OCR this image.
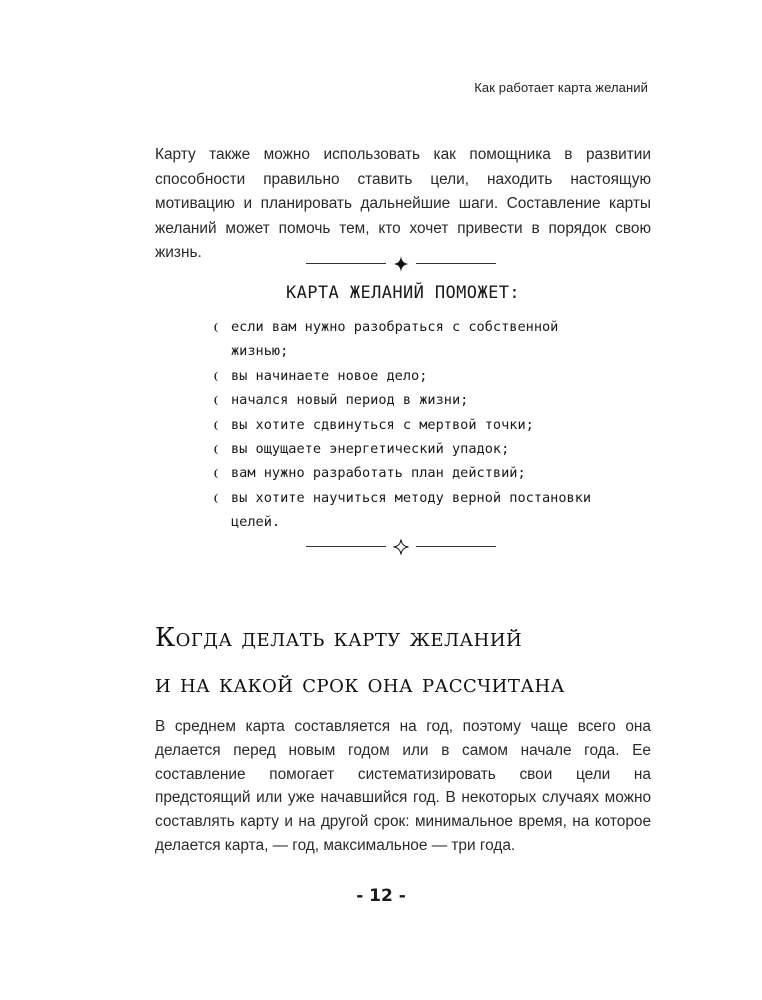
Как работает карта желаний

Карту также можно использовать как помощника в развитии способности правильно ставить цели, находить настоящую мотивацию и планировать дальнейшие шаги. Составление карты желаний может помочь тем, кто хочет привести в порядок свою жизнь.

КАРТА ЖЕЛАНИЙ ПОМОЖЕТ:
если вам нужно разобраться с собственной жизнью;
вы начинаете новое дело;
начался новый период в жизни;
вы хотите сдвинуться с мертвой точки;
вы ощущаете энергетический упадок;
вам нужно разработать план действий;
вы хотите научиться методу верной постановки целей.
Когда делать карту желаний
и на какой срок она рассчитана

В среднем карта составляется на год, поэтому чаще всего она делается перед новым годом или в самом начале года. Ее составление помогает систематизировать свои цели на предстоящий или уже начавшийся год. В некоторых случаях можно составлять карту и на другой срок: минимальное время, на которое делается карта, — год, максимальное — три года.

- 12 -
